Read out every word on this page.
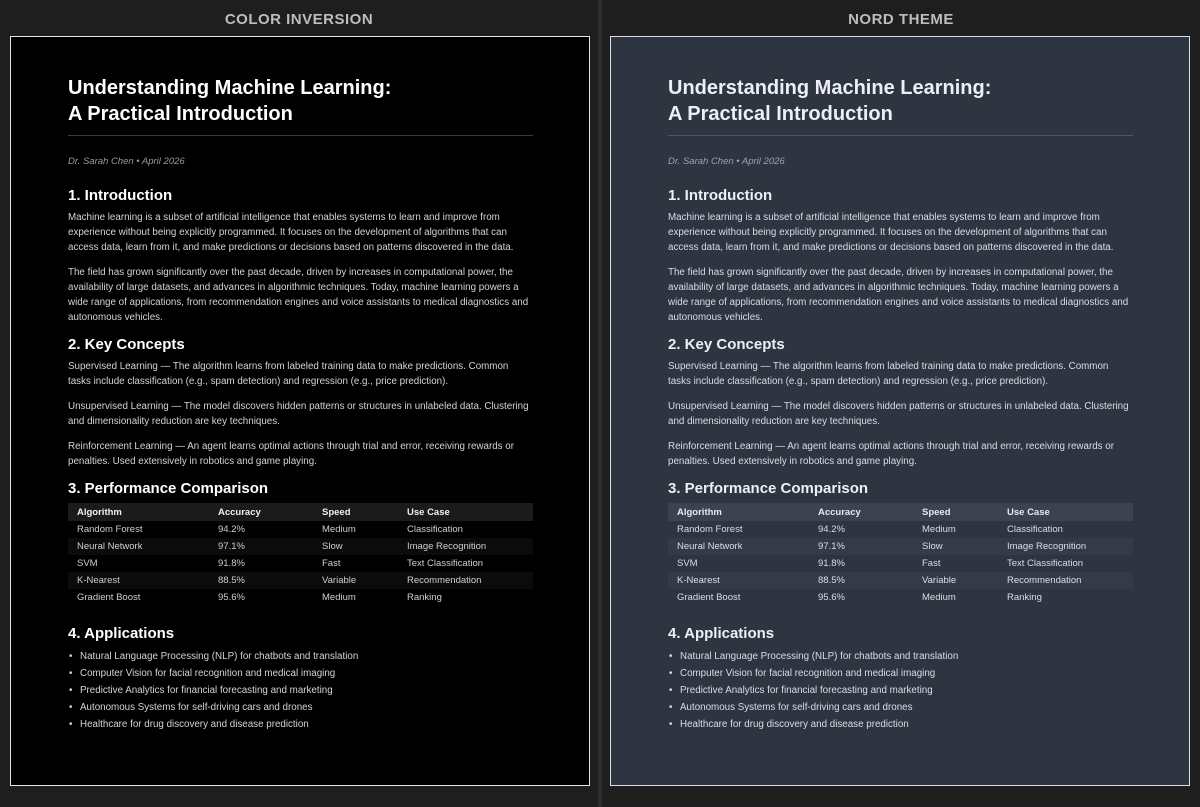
COLOR INVERSION
Understanding Machine Learning:
A Practical Introduction
Dr. Sarah Chen • April 2026
1. Introduction

Machine learning is a subset of artificial intelligence that enables systems to learn and improve from experience without being explicitly programmed. It focuses on the development of algorithms that can access data, learn from it, and make predictions or decisions based on patterns discovered in the data.

The field has grown significantly over the past decade, driven by increases in computational power, the availability of large datasets, and advances in algorithmic techniques. Today, machine learning powers a wide range of applications, from recommendation engines and voice assistants to medical diagnostics and autonomous vehicles.

2. Key Concepts

Supervised Learning — The algorithm learns from labeled training data to make predictions. Common tasks include classification (e.g., spam detection) and regression (e.g., price prediction).

Unsupervised Learning — The model discovers hidden patterns or structures in unlabeled data. Clustering and dimensionality reduction are key techniques.

Reinforcement Learning — An agent learns optimal actions through trial and error, receiving rewards or penalties. Used extensively in robotics and game playing.

3. Performance Comparison
Algorithm	Accuracy	Speed	Use Case
Random Forest	94.2%	Medium	Classification
Neural Network	97.1%	Slow	Image Recognition
SVM	91.8%	Fast	Text Classification
K-Nearest	88.5%	Variable	Recommendation
Gradient Boost	95.6%	Medium	Ranking
4. Applications
• Natural Language Processing (NLP) for chatbots and translation
• Computer Vision for facial recognition and medical imaging
• Predictive Analytics for financial forecasting and marketing
• Autonomous Systems for self-driving cars and drones
• Healthcare for drug discovery and disease prediction
NORD THEME
Understanding Machine Learning:
A Practical Introduction
Dr. Sarah Chen • April 2026
1. Introduction

Machine learning is a subset of artificial intelligence that enables systems to learn and improve from experience without being explicitly programmed. It focuses on the development of algorithms that can access data, learn from it, and make predictions or decisions based on patterns discovered in the data.

The field has grown significantly over the past decade, driven by increases in computational power, the availability of large datasets, and advances in algorithmic techniques. Today, machine learning powers a wide range of applications, from recommendation engines and voice assistants to medical diagnostics and autonomous vehicles.

2. Key Concepts

Supervised Learning — The algorithm learns from labeled training data to make predictions. Common tasks include classification (e.g., spam detection) and regression (e.g., price prediction).

Unsupervised Learning — The model discovers hidden patterns or structures in unlabeled data. Clustering and dimensionality reduction are key techniques.

Reinforcement Learning — An agent learns optimal actions through trial and error, receiving rewards or penalties. Used extensively in robotics and game playing.

3. Performance Comparison
Algorithm	Accuracy	Speed	Use Case
Random Forest	94.2%	Medium	Classification
Neural Network	97.1%	Slow	Image Recognition
SVM	91.8%	Fast	Text Classification
K-Nearest	88.5%	Variable	Recommendation
Gradient Boost	95.6%	Medium	Ranking
4. Applications
• Natural Language Processing (NLP) for chatbots and translation
• Computer Vision for facial recognition and medical imaging
• Predictive Analytics for financial forecasting and marketing
• Autonomous Systems for self-driving cars and drones
• Healthcare for drug discovery and disease prediction
